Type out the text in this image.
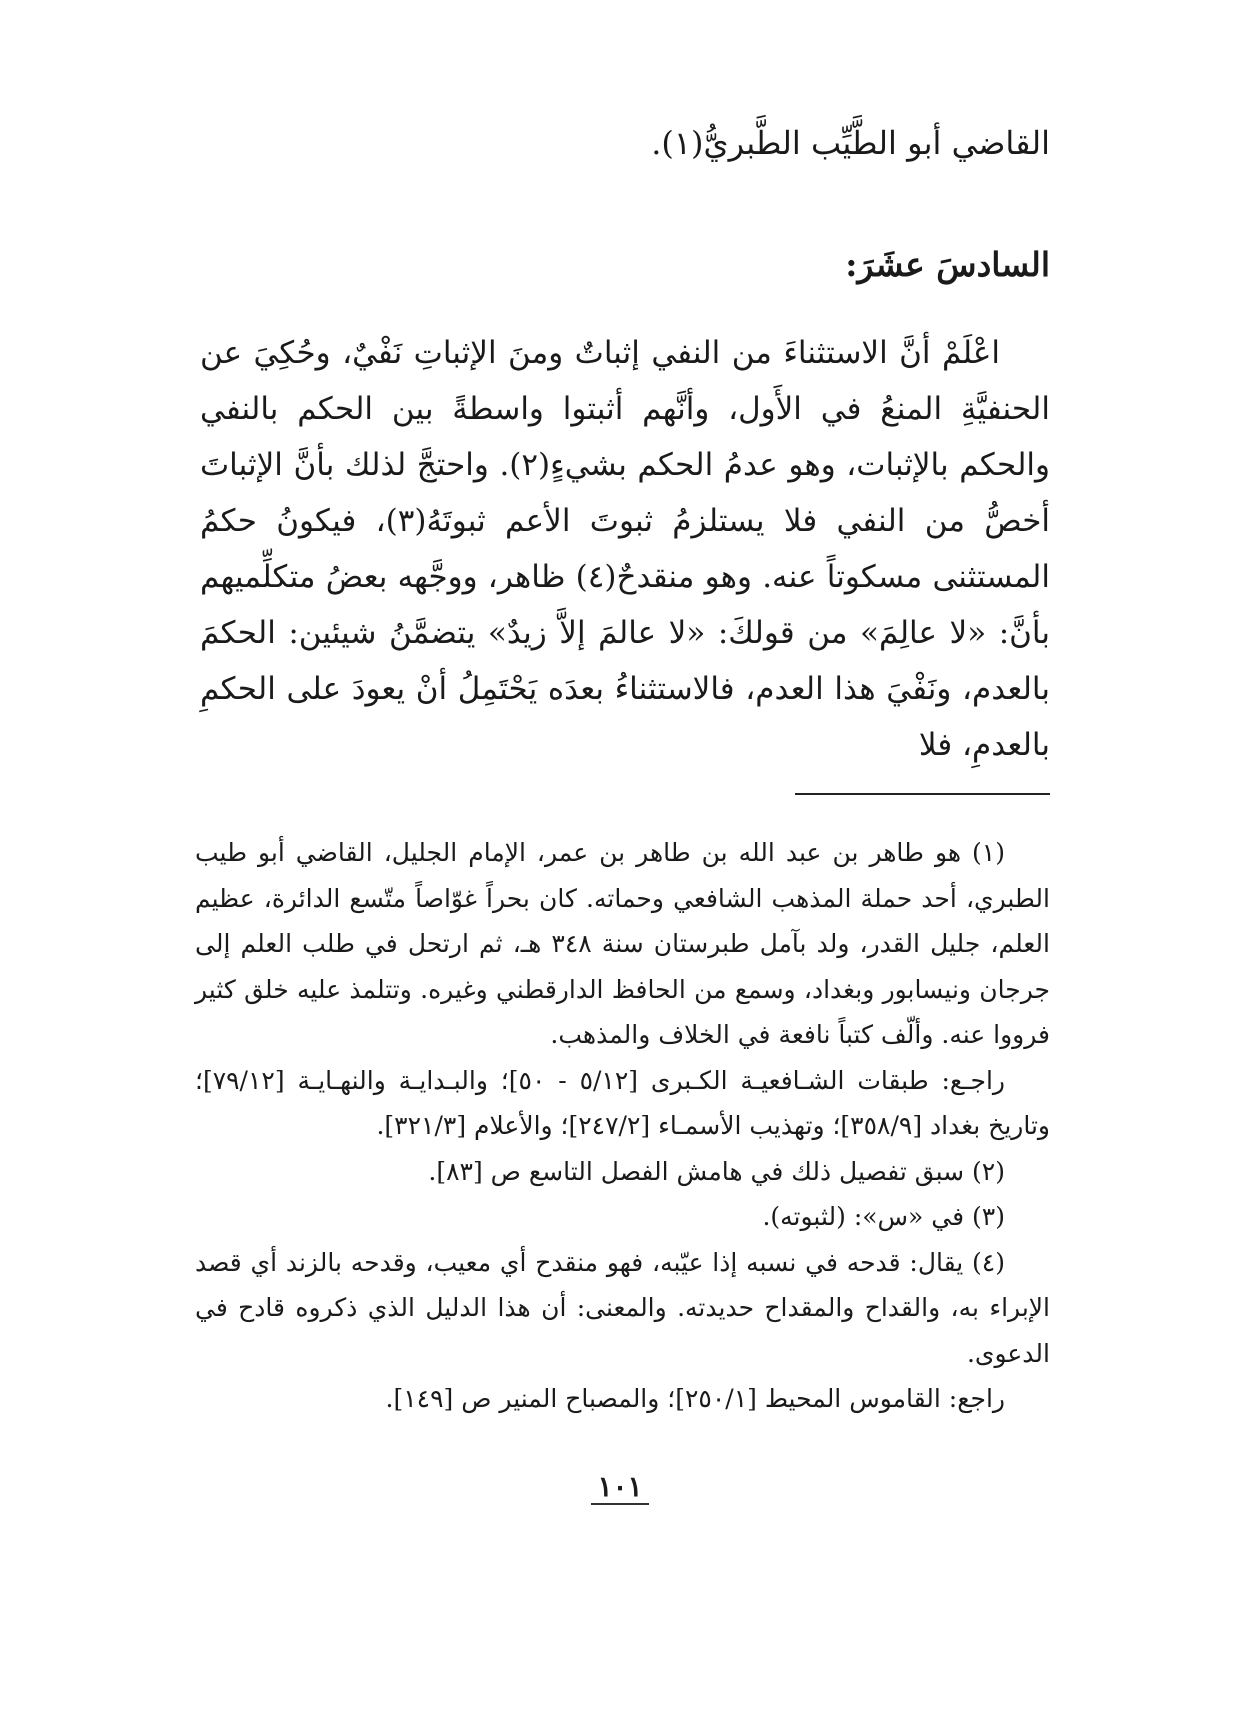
القاضي أبو الطَّيِّب الطَّبريُّ(١).
السادسَ عشَرَ:
اعْلَمْ أنَّ الاستثناءَ من النفي إثباتٌ ومنَ الإثباتِ نَفْيٌ، وحُكِيَ عن الحنفيَّةِ المنعُ في الأَول، وأنَّهم أثبتوا واسطةً بين الحكم بالنفي والحكم بالإثبات، وهو عدمُ الحكم بشيءٍ(٢). واحتجَّ لذلك بأنَّ الإثباتَ أخصُّ من النفي فلا يستلزمُ ثبوتَ الأعم ثبوتَهُ(٣)، فيكونُ حكمُ المستثنى مسكوتاً عنه. وهو منقدحٌ(٤) ظاهر، ووجَّهه بعضُ متكلِّميهم بأنَّ: «لا عالِمَ» من قولكَ: «لا عالمَ إلاَّ زيدٌ» يتضمَّنُ شيئين: الحكمَ بالعدم، ونَفْيَ هذا العدم، فالاستثناءُ بعدَه يَحْتَمِلُ أنْ يعودَ على الحكمِ بالعدمِ، فلا

(١) هو طاهر بن عبد الله بن طاهر بن عمر، الإمام الجليل، القاضي أبو طيب الطبري، أحد حملة المذهب الشافعي وحماته. كان بحراً غوّاصاً متّسع الدائرة، عظيم العلم، جليل القدر، ولد بآمل طبرستان سنة ٣٤٨ هـ، ثم ارتحل في طلب العلم إلى جرجان ونيسابور وبغداد، وسمع من الحافظ الدارقطني وغيره. وتتلمذ عليه خلق كثير فرووا عنه. وألّف كتباً نافعة في الخلاف والمذهب.

راجـع: طبقات الشـافعيـة الكـبرى [٥/١٢ - ٥٠]؛ والبـدايـة والنهـايـة [٧٩/١٢]؛ وتاريخ بغداد [٣٥٨/٩]؛ وتهذيب الأسمـاء [٢٤٧/٢]؛ والأعلام [٣٢١/٣].

(٢) سبق تفصيل ذلك في هامش الفصل التاسع ص [٨٣].

(٣) في «س»: (لثبوته).

(٤) يقال: قدحه في نسبه إذا عيّبه، فهو منقدح أي معيب، وقدحه بالزند أي قصد الإبراء به، والقداح والمقداح حديدته. والمعنى: أن هذا الدليل الذي ذكروه قادح في الدعوى.

راجع: القاموس المحيط [٢٥٠/١]؛ والمصباح المنير ص [١٤٩].

١٠١
